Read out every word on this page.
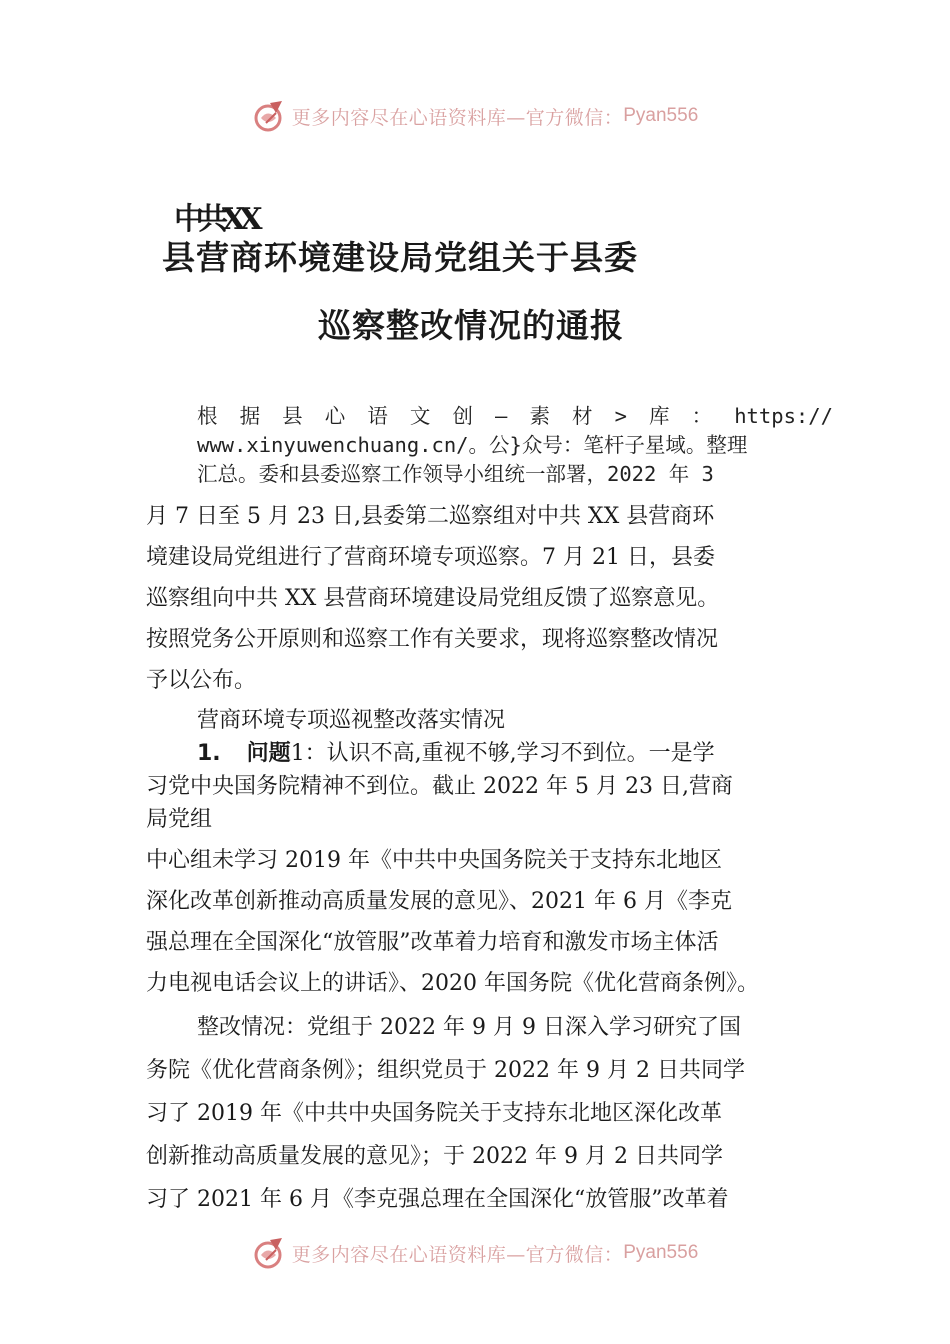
更多内容尽在心语资料库—官方微信： Pyan556
中共XX
县营商环境建设局党组关于县委
巡察整改情况的通报
根 据 县 心 语 文 创 — 素 材 > 库 ： https://
www.xinyuwenchuang.cn/。公}众号：笔杆子星域。整理
汇总。委和县委巡察工作领导小组统一部署，2022 年 3
月 7 日至 5 月 23 日,县委第二巡察组对中共 XX 县营商环
境建设局党组进行了营商环境专项巡察。7 月 21 日，县委
巡察组向中共 XX 县营商环境建设局党组反馈了巡察意见。
按照党务公开原则和巡察工作有关要求，现将巡察整改情况
予以公布。
营商环境专项巡视整改落实情况
1. 问题1：认识不高,重视不够,学习不到位。一是学
习党中央国务院精神不到位。截止 2022 年 5 月 23 日,营商
局党组
中心组未学习 2019 年《中共中央国务院关于支持东北地区
深化改革创新推动高质量发展的意见》、2021 年 6 月《李克
强总理在全国深化“放管服”改革着力培育和激发市场主体活
力电视电话会议上的讲话》、2020 年国务院《优化营商条例》。
整改情况：党组于 2022 年 9 月 9 日深入学习研究了国
务院《优化营商条例》；组织党员于 2022 年 9 月 2 日共同学
习了 2019 年《中共中央国务院关于支持东北地区深化改革
创新推动高质量发展的意见》；于 2022 年 9 月 2 日共同学
习了 2021 年 6 月《李克强总理在全国深化“放管服”改革着
更多内容尽在心语资料库—官方微信： Pyan556
